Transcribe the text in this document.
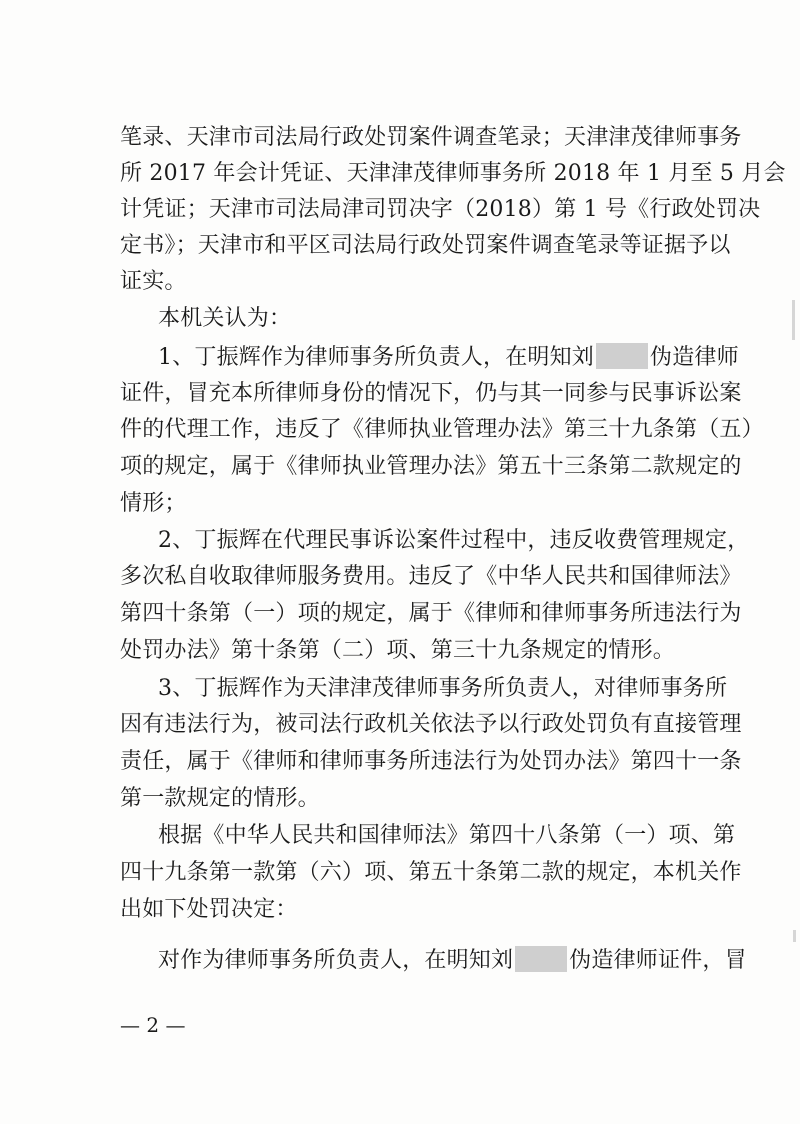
笔录、天津市司法局行政处罚案件调查笔录；天津津茂律师事务
所 2017 年会计凭证、天津津茂律师事务所 2018 年 1 月至 5 月会
计凭证；天津市司法局津司罚决字（2018）第 1 号《行政处罚决
定书》；天津市和平区司法局行政处罚案件调查笔录等证据予以
证实。
本机关认为：
1、丁振辉作为律师事务所负责人，在明知刘	伪造律师
证件，冒充本所律师身份的情况下，仍与其一同参与民事诉讼案
件的代理工作，违反了《律师执业管理办法》第三十九条第（五）
项的规定，属于《律师执业管理办法》第五十三条第二款规定的
情形；
2、丁振辉在代理民事诉讼案件过程中，违反收费管理规定，
多次私自收取律师服务费用。违反了《中华人民共和国律师法》
第四十条第（一）项的规定，属于《律师和律师事务所违法行为
处罚办法》第十条第（二）项、第三十九条规定的情形。
3、丁振辉作为天津津茂律师事务所负责人，对律师事务所
因有违法行为，被司法行政机关依法予以行政处罚负有直接管理
责任，属于《律师和律师事务所违法行为处罚办法》第四十一条
第一款规定的情形。
根据《中华人民共和国律师法》第四十八条第（一）项、第
四十九条第一款第（六）项、第五十条第二款的规定，本机关作
出如下处罚决定：
对作为律师事务所负责人，在明知刘	伪造律师证件，冒
— 2 —
